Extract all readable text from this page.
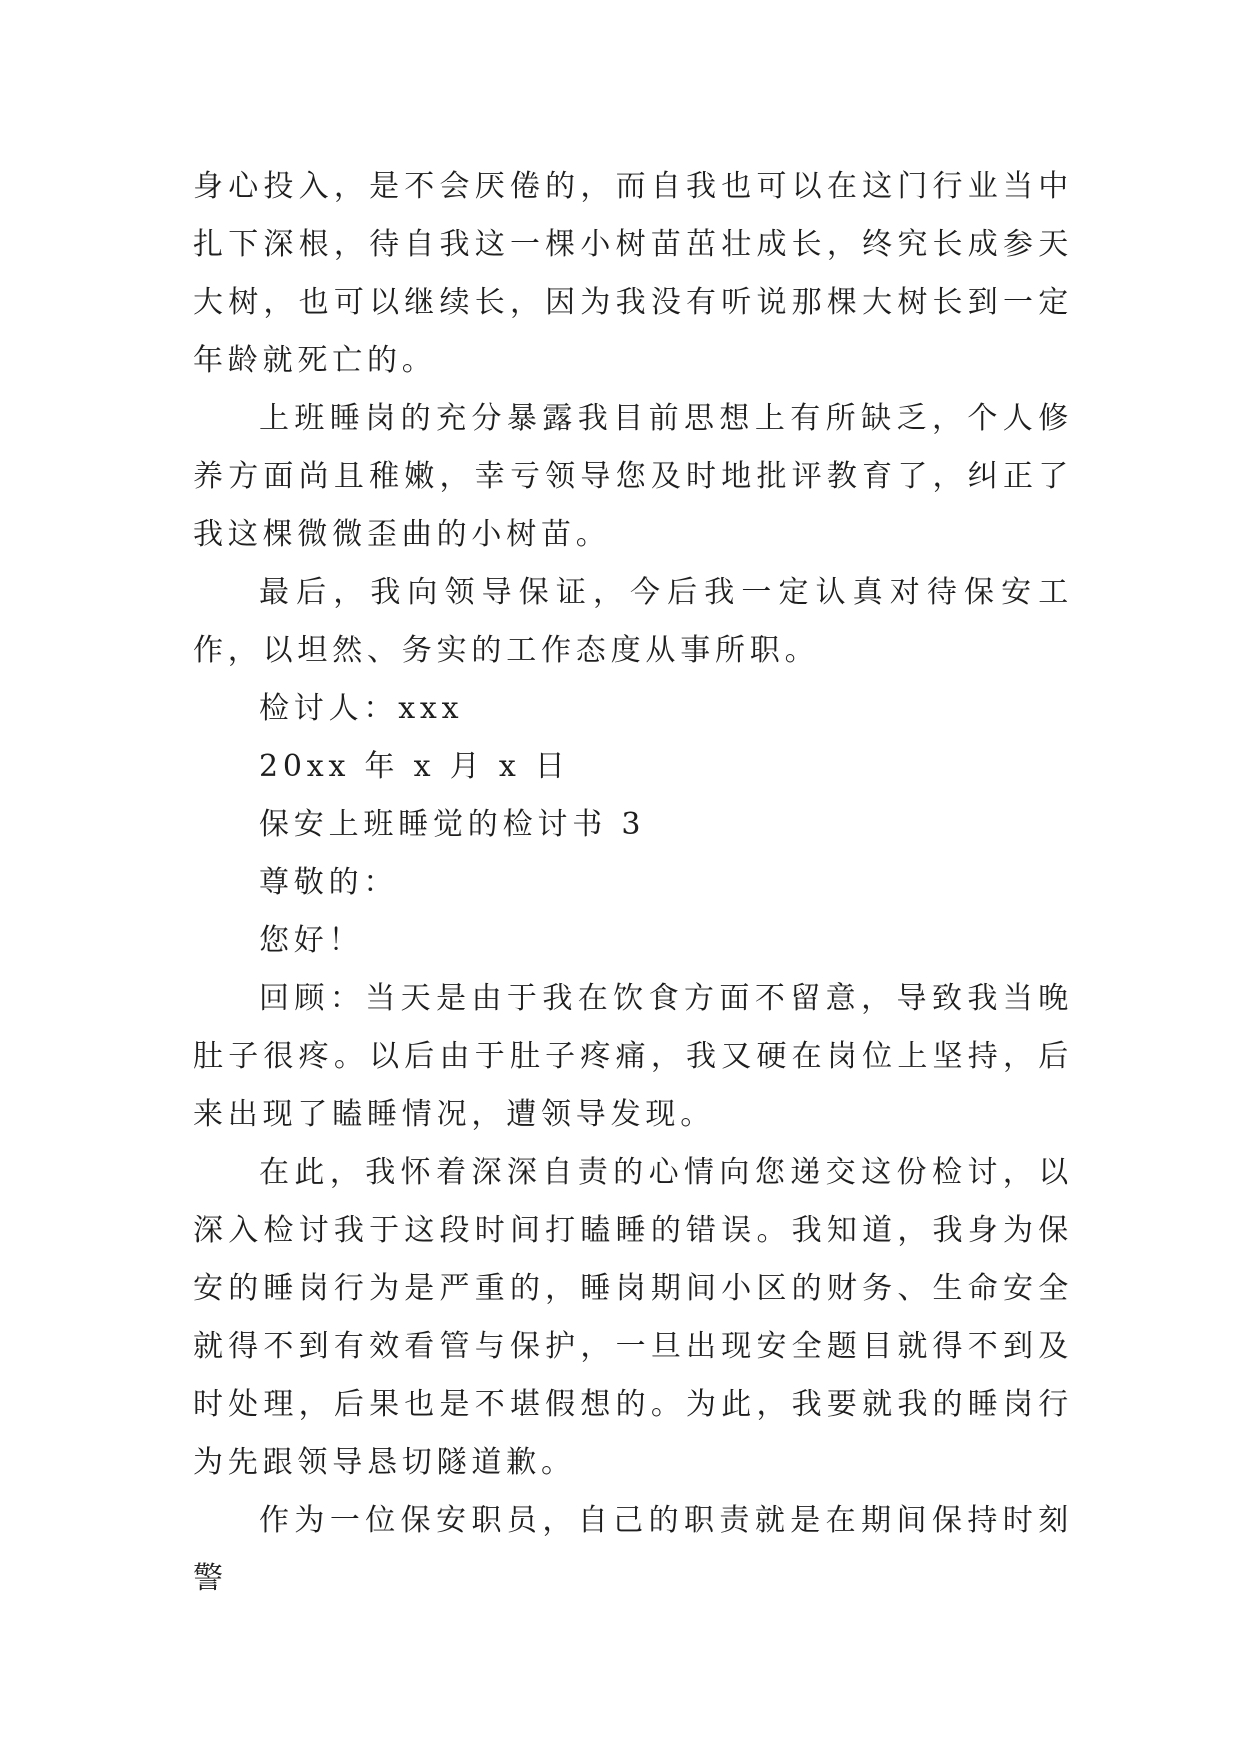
身心投入，是不会厌倦的，而自我也可以在这门行业当中扎下深根，待自我这一棵小树苗茁壮成长，终究长成参天大树，也可以继续长，因为我没有听说那棵大树长到一定年龄就死亡的。

上班睡岗的充分暴露我目前思想上有所缺乏，个人修养方面尚且稚嫩，幸亏领导您及时地批评教育了，纠正了我这棵微微歪曲的小树苗。

最后，我向领导保证，今后我一定认真对待保安工作，以坦然、务实的工作态度从事所职。

检讨人：xxx

20xx 年 x 月 x 日

保安上班睡觉的检讨书 3

尊敬的：

您好！

回顾：当天是由于我在饮食方面不留意，导致我当晚肚子很疼。以后由于肚子疼痛，我又硬在岗位上坚持，后来出现了瞌睡情况，遭领导发现。

在此，我怀着深深自责的心情向您递交这份检讨，以深入检讨我于这段时间打瞌睡的错误。我知道，我身为保安的睡岗行为是严重的，睡岗期间小区的财务、生命安全就得不到有效看管与保护，一旦出现安全题目就得不到及时处理，后果也是不堪假想的。为此，我要就我的睡岗行为先跟领导恳切隧道歉。

作为一位保安职员，自己的职责就是在期间保持时刻警
